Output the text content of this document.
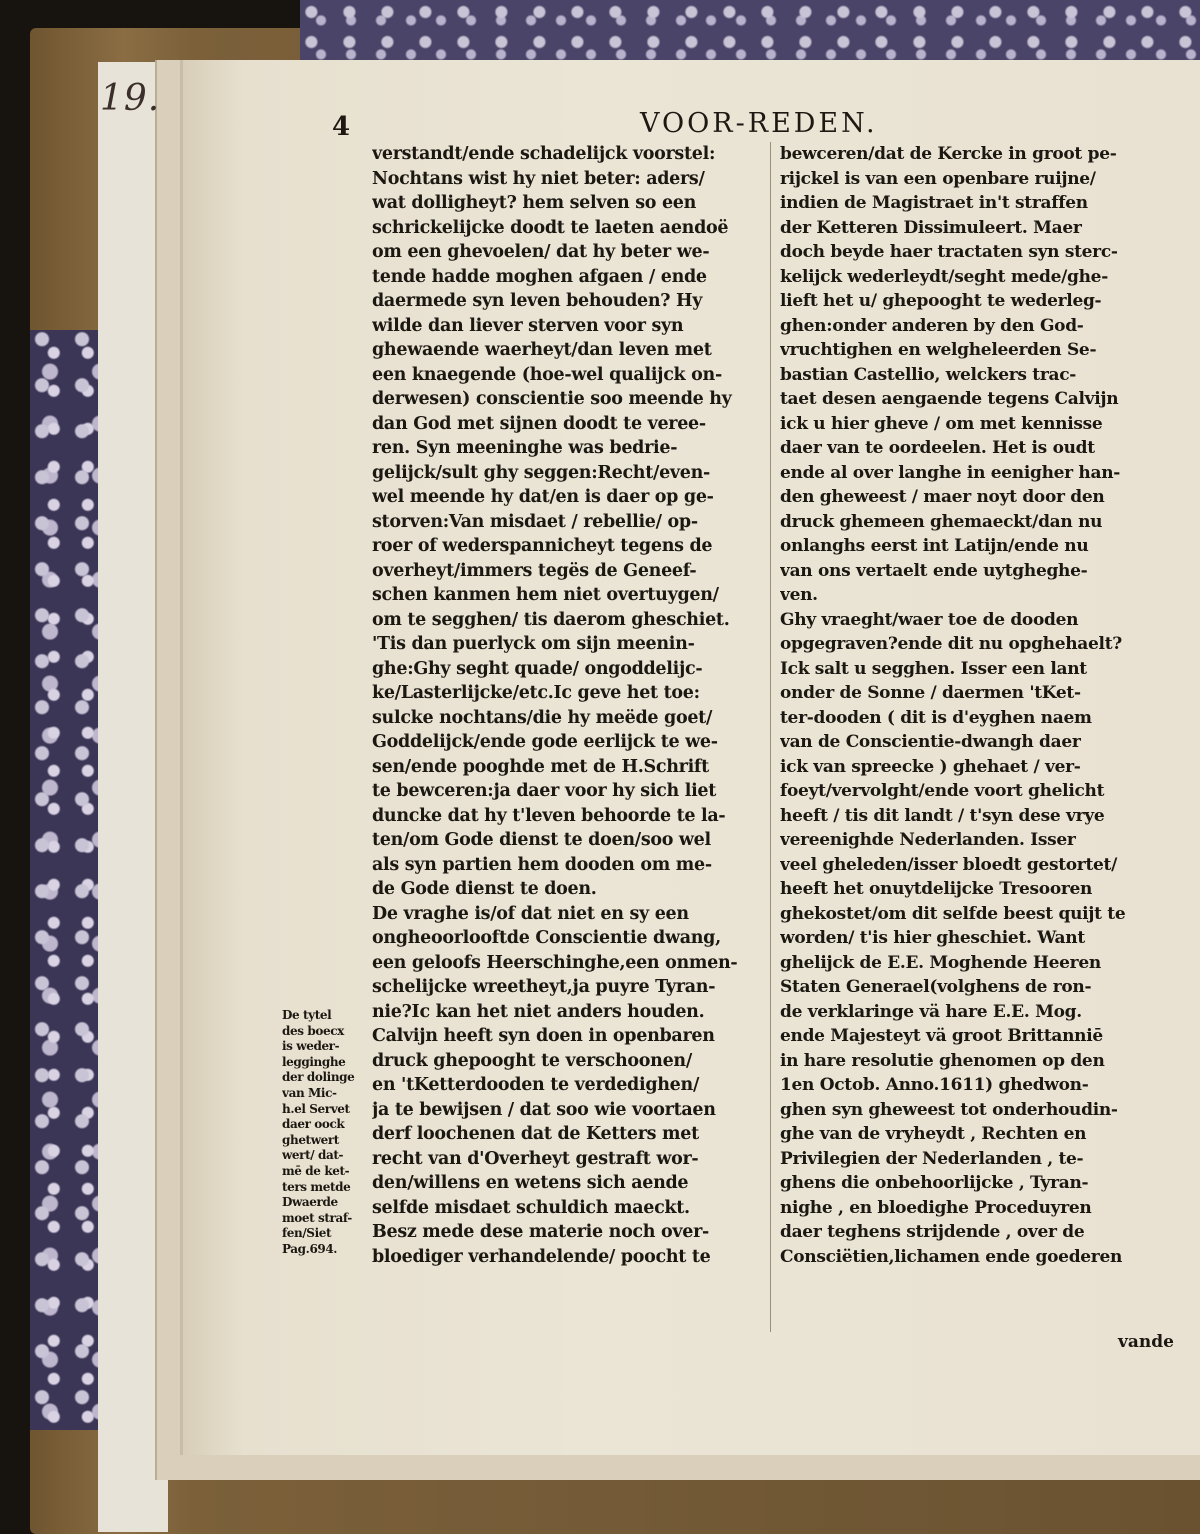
19.
4	VOOR-REDEN.
verstandt/ende schadelijck voorstel:
Nochtans wist hy niet beter: aders/
wat dolligheyt? hem selven so een
schrickelijcke doodt te laeten aendoë
om een ghevoelen/ dat hy beter we-
tende hadde moghen afgaen / ende
daermede syn leven behouden? Hy
wilde dan liever sterven voor syn
ghewaende waerheyt/dan leven met
een knaegende (hoe-wel qualijck on-
derwesen) conscientie soo meende hy
dan God met sijnen doodt te veree-
ren. Syn meeninghe was bedrie-
gelijck/sult ghy seggen:Recht/even-
wel meende hy dat/en is daer op ge-
storven:Van misdaet / rebellie/ op-
roer of wederspannicheyt tegens de
overheyt/immers tegës de Geneef-
schen kanmen hem niet overtuygen/
om te segghen/ tis daerom gheschiet.
'Tis dan puerlyck om sijn meenin-
ghe:Ghy seght quade/ ongoddelijc-
ke/Lasterlijcke/etc.Ic geve het toe:
sulcke nochtans/die hy meëde goet/
Goddelijck/ende gode eerlijck te we-
sen/ende pooghde met de H.Schrift
te bewceren:ja daer voor hy sich liet
duncke dat hy t'leven behoorde te la-
ten/om Gode dienst te doen/soo wel
als syn partien hem dooden om me-
de Gode dienst te doen.
De vraghe is/of dat niet en sy een
ongheoorlooftde Conscientie dwang,
een geloofs Heerschinghe,een onmen-
schelijcke wreetheyt,ja puyre Tyran-
nie?Ic kan het niet anders houden.
Calvijn heeft syn doen in openbaren
druck ghepooght te verschoonen/
en 'tKetterdooden te verdedighen/
ja te bewijsen / dat soo wie voortaen
derf loochenen dat de Ketters met
recht van d'Overheyt gestraft wor-
den/willens en wetens sich aende
selfde misdaet schuldich maeckt.
Besz mede dese materie noch over-
bloediger verhandelende/ poocht te
bewceren/dat de Kercke in groot pe-
rijckel is van een openbare ruijne/
indien de Magistraet in't straffen
der Ketteren Dissimuleert. Maer
doch beyde haer tractaten syn sterc-
kelijck wederleydt/seght mede/ghe-
lieft het u/ ghepooght te wederleg-
ghen:onder anderen by den God-
vruchtighen en welgheleerden Se-
bastian Castellio, welckers trac-
taet desen aengaende tegens Calvijn
ick u hier gheve / om met kennisse
daer van te oordeelen. Het is oudt
ende al over langhe in eenigher han-
den gheweest / maer noyt door den
druck ghemeen ghemaeckt/dan nu
onlanghs eerst int Latijn/ende nu
van ons vertaelt ende uytgheghe-
ven.
Ghy vraeght/waer toe de dooden
opgegraven?ende dit nu opghehaelt?
Ick salt u segghen. Isser een lant
onder de Sonne / daermen 'tKet-
ter-dooden ( dit is d'eyghen naem
van de Conscientie-dwangh daer
ick van spreecke ) ghehaet / ver-
foeyt/vervolght/ende voort ghelicht
heeft / tis dit landt / t'syn dese vrye
vereenighde Nederlanden. Isser
veel gheleden/isser bloedt gestortet/
heeft het onuytdelijcke Tresooren
ghekostet/om dit selfde beest quijt te
worden/ t'is hier gheschiet. Want
ghelijck de E.E. Moghende Heeren
Staten Generael(volghens de ron-
de verklaringe vä hare E.E. Mog.
ende Majesteyt vä groot Brittanniē
in hare resolutie ghenomen op den
1en Octob. Anno.1611) ghedwon-
ghen syn gheweest tot onderhoudin-
ghe van de vryheydt , Rechten en
Privilegien der Nederlanden , te-
ghens die onbehoorlijcke , Tyran-
nighe , en bloedighe Proceduyren
daer teghens strijdende , over de
Consciëtien,lichamen ende goederen
De tytel
des boecx
is weder-
legginghe
der dolinge
van Mic-
h.el Servet
daer oock
ghetwert
wert/ dat-
mē de ket-
ters metde
Dwaerde
moet straf-
fen/Siet
Pag.694.
vande
